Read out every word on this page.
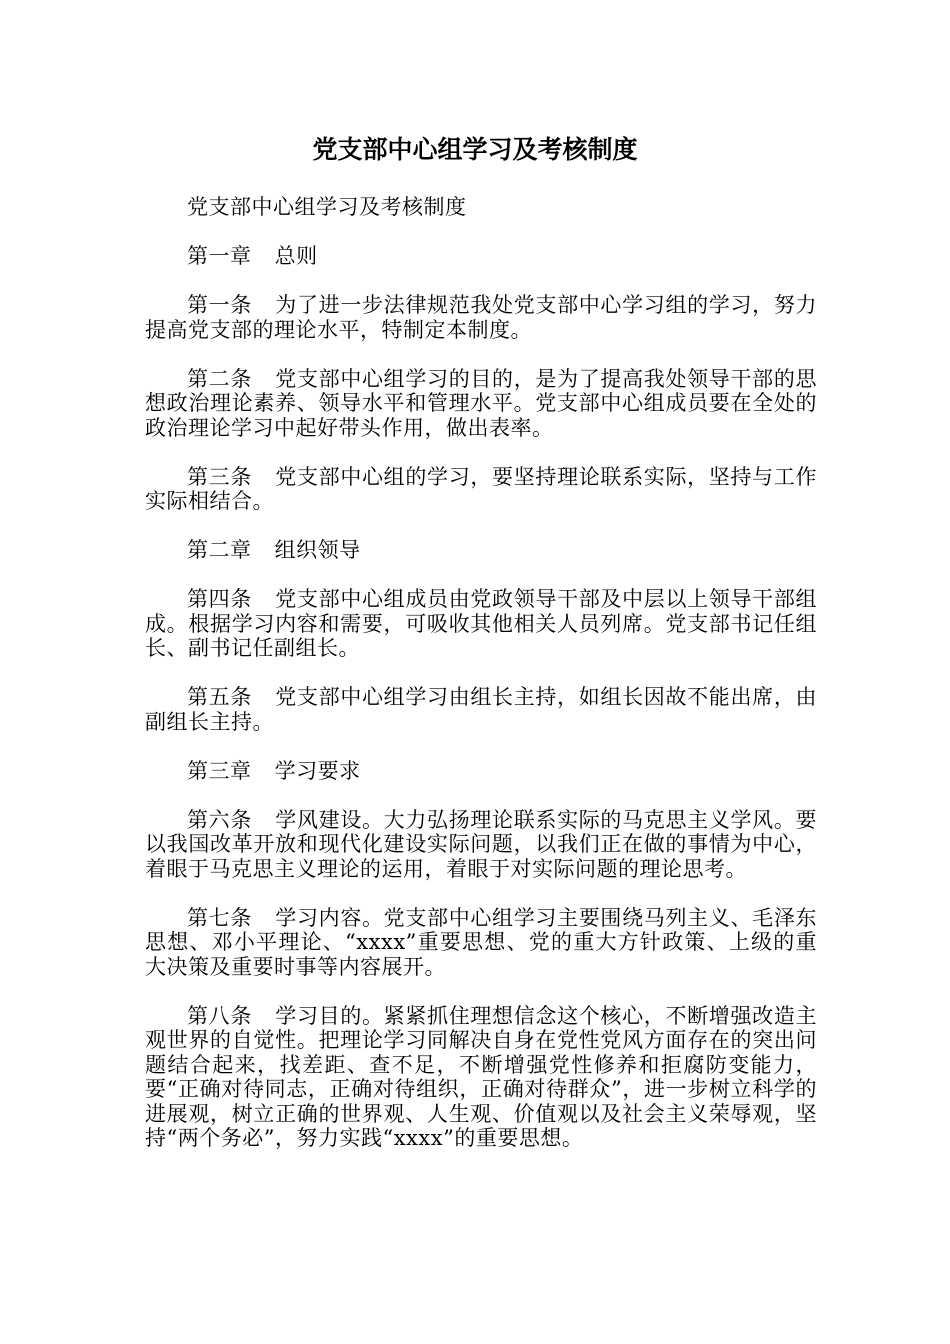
党支部中心组学习及考核制度

党支部中心组学习及考核制度

第一章 总则

第一条 为了进一步法律规范我处党支部中心学习组的学习，努力提高党支部的理论水平，特制定本制度。

第二条 党支部中心组学习的目的，是为了提高我处领导干部的思想政治理论素养、领导水平和管理水平。党支部中心组成员要在全处的政治理论学习中起好带头作用，做出表率。

第三条 党支部中心组的学习，要坚持理论联系实际，坚持与工作实际相结合。

第二章 组织领导

第四条 党支部中心组成员由党政领导干部及中层以上领导干部组成。根据学习内容和需要，可吸收其他相关人员列席。党支部书记任组长、副书记任副组长。

第五条 党支部中心组学习由组长主持，如组长因故不能出席，由副组长主持。

第三章 学习要求

第六条 学风建设。大力弘扬理论联系实际的马克思主义学风。要以我国改革开放和现代化建设实际问题，以我们正在做的事情为中心，着眼于马克思主义理论的运用，着眼于对实际问题的理论思考。

第七条 学习内容。党支部中心组学习主要围绕马列主义、毛泽东思想、邓小平理论、“xxxx”重要思想、党的重大方针政策、上级的重大决策及重要时事等内容展开。

第八条 学习目的。紧紧抓住理想信念这个核心，不断增强改造主观世界的自觉性。把理论学习同解决自身在党性党风方面存在的突出问题结合起来，找差距、查不足，不断增强党性修养和拒腐防变能力，要“正确对待同志，正确对待组织，正确对待群众”，进一步树立科学的进展观，树立正确的世界观、人生观、价值观以及社会主义荣辱观，坚持“两个务必”，努力实践“xxxx”的重要思想。
